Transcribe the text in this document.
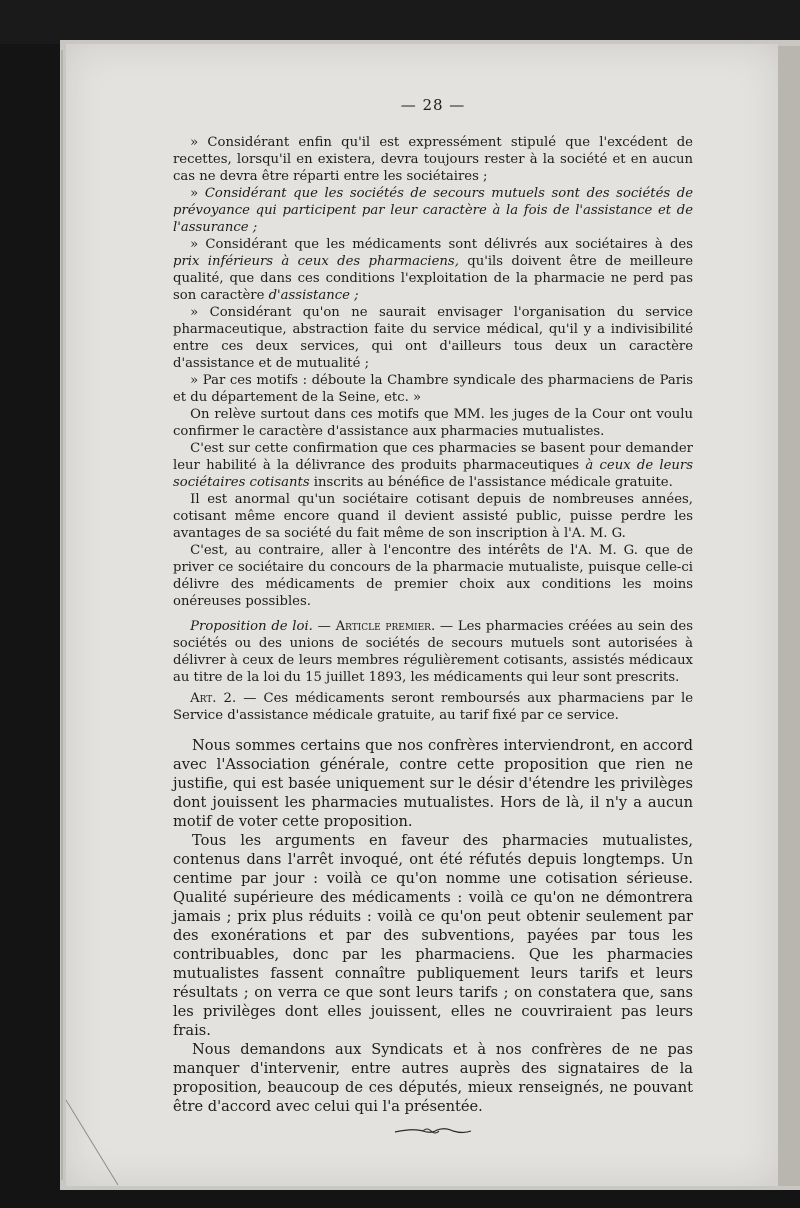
— 28 —

» Considérant enfin qu'il est expressément stipulé que l'excédent de recettes, lorsqu'il en existera, devra toujours rester à la société et en aucun cas ne devra être réparti entre les sociétaires ;

» Considérant que les sociétés de secours mutuels sont des sociétés de prévoyance qui participent par leur caractère à la fois de l'assistance et de l'assurance ;

» Considérant que les médicaments sont délivrés aux sociétaires à des prix inférieurs à ceux des pharmaciens, qu'ils doivent être de meilleure qualité, que dans ces conditions l'exploitation de la pharmacie ne perd pas son caractère d'assistance ;

» Considérant qu'on ne saurait envisager l'organisation du service pharmaceutique, abstraction faite du service médical, qu'il y a indivisibilité entre ces deux services, qui ont d'ailleurs tous deux un caractère d'assistance et de mutualité ;

» Par ces motifs : déboute la Chambre syndicale des pharmaciens de Paris et du département de la Seine, etc. »

On relève surtout dans ces motifs que MM. les juges de la Cour ont voulu confirmer le caractère d'assistance aux pharmacies mutualistes.

C'est sur cette confirmation que ces pharmacies se basent pour demander leur habilité à la délivrance des produits pharmaceutiques à ceux de leurs sociétaires cotisants inscrits au bénéfice de l'assistance médicale gratuite.

Il est anormal qu'un sociétaire cotisant depuis de nombreuses années, cotisant même encore quand il devient assisté public, puisse perdre les avantages de sa société du fait même de son inscription à l'A. M. G.

C'est, au contraire, aller à l'encontre des intérêts de l'A. M. G. que de priver ce sociétaire du concours de la pharmacie mutualiste, puisque celle-ci délivre des médicaments de premier choix aux conditions les moins onéreuses possibles.

Proposition de loi. — Article premier. — Les pharmacies créées au sein des sociétés ou des unions de sociétés de secours mutuels sont autorisées à délivrer à ceux de leurs membres régulièrement cotisants, assistés médicaux au titre de la loi du 15 juillet 1893, les médicaments qui leur sont prescrits.

Art. 2. — Ces médicaments seront remboursés aux pharmaciens par le Service d'assistance médicale gratuite, au tarif fixé par ce service.

Nous sommes certains que nos confrères interviendront, en accord avec l'Association générale, contre cette proposition que rien ne justifie, qui est basée uniquement sur le désir d'étendre les privilèges dont jouissent les pharmacies mutualistes. Hors de là, il n'y a aucun motif de voter cette proposition.

Tous les arguments en faveur des pharmacies mutualistes, contenus dans l'arrêt invoqué, ont été réfutés depuis longtemps. Un centime par jour : voilà ce qu'on nomme une cotisation sérieuse. Qualité supérieure des médicaments : voilà ce qu'on ne démontrera jamais ; prix plus réduits : voilà ce qu'on peut obtenir seulement par des exonérations et par des subventions, payées par tous les contribuables, donc par les pharmaciens. Que les pharmacies mutualistes fassent connaître publiquement leurs tarifs et leurs résultats ; on verra ce que sont leurs tarifs ; on constatera que, sans les privilèges dont elles jouissent, elles ne couvriraient pas leurs frais.

Nous demandons aux Syndicats et à nos confrères de ne pas manquer d'intervenir, entre autres auprès des signataires de la proposition, beaucoup de ces députés, mieux renseignés, ne pouvant être d'accord avec celui qui l'a présentée.
